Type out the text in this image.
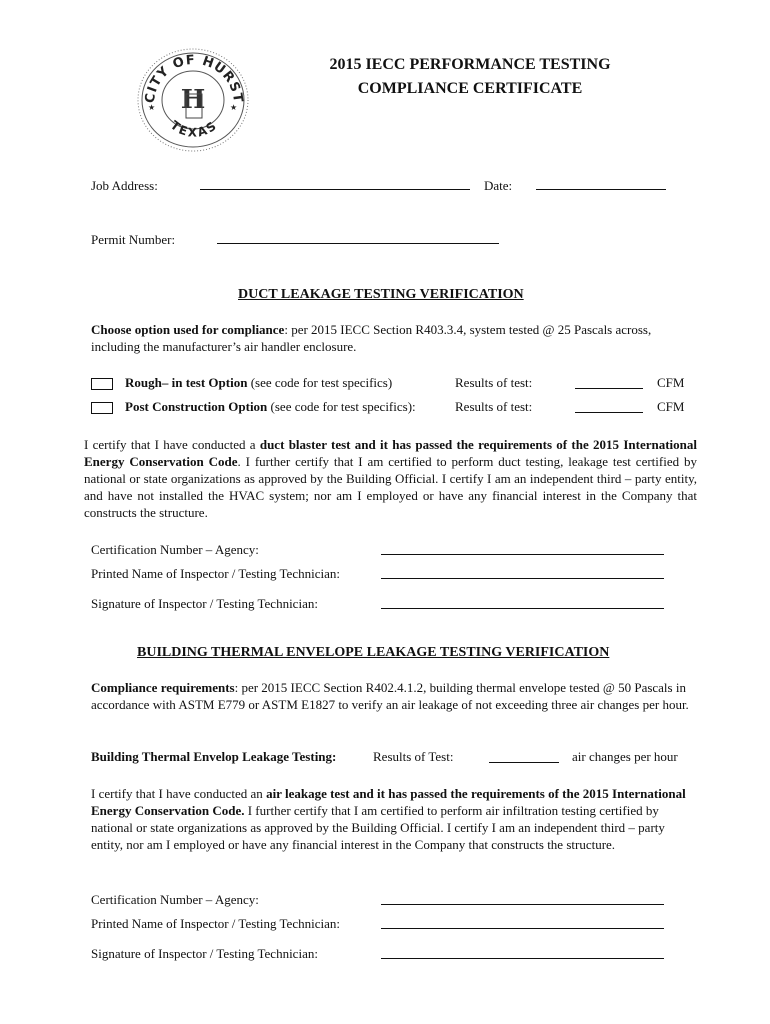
CITY OF HURST
TEXAS
H
★	★
2015 IECC PERFORMANCE TESTING
COMPLIANCE CERTIFICATE
Job Address:	Date:
Permit Number:
DUCT LEAKAGE TESTING VERIFICATION
Choose option used for compliance: per 2015 IECC Section R403.3.4, system tested @ 25 Pascals across, including the manufacturer’s air handler enclosure.
Rough– in test Option (see code for test specifics)	Results of test:	CFM
Post Construction Option (see code for test specifics):	Results of test:	CFM
I certify that I have conducted a duct blaster test and it has passed the requirements of the 2015 International Energy Conservation Code. I further certify that I am certified to perform duct testing, leakage test certified by national or state organizations as approved by the Building Official. I certify I am an independent third – party entity, and have not installed the HVAC system; nor am I employed or have any financial interest in the Company that constructs the structure.
Certification Number – Agency:
Printed Name of Inspector / Testing Technician:
Signature of Inspector / Testing Technician:
BUILDING THERMAL ENVELOPE LEAKAGE TESTING VERIFICATION
Compliance requirements: per 2015 IECC Section R402.4.1.2, building thermal envelope tested @ 50 Pascals in accordance with ASTM E779 or ASTM E1827 to verify an air leakage of not exceeding three air changes per hour.
Building Thermal Envelop Leakage Testing:	Results of Test:	air changes per hour
I certify that I have conducted an air leakage test and it has passed the requirements of the 2015 International Energy Conservation Code. I further certify that I am certified to perform air infiltration testing certified by national or state organizations as approved by the Building Official. I certify I am an independent third – party entity, nor am I employed or have any financial interest in the Company that constructs the structure.
Certification Number – Agency:
Printed Name of Inspector / Testing Technician:
Signature of Inspector / Testing Technician:
